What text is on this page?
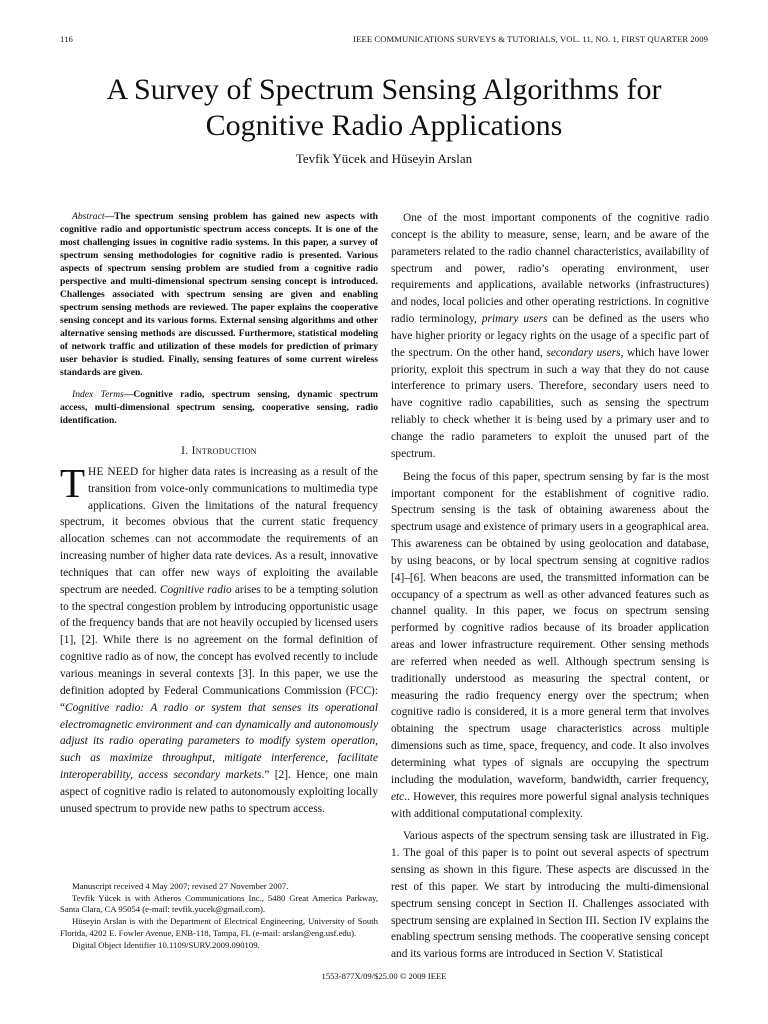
116	IEEE COMMUNICATIONS SURVEYS & TUTORIALS, VOL. 11, NO. 1, FIRST QUARTER 2009
A Survey of Spectrum Sensing Algorithms for
Cognitive Radio Applications
Tevfik Yücek and Hüseyin Arslan

Abstract—The spectrum sensing problem has gained new aspects with cognitive radio and opportunistic spectrum access concepts. It is one of the most challenging issues in cognitive radio systems. In this paper, a survey of spectrum sensing methodologies for cognitive radio is presented. Various aspects of spectrum sensing problem are studied from a cognitive radio perspective and multi-dimensional spectrum sensing concept is introduced. Challenges associated with spectrum sensing are given and enabling spectrum sensing methods are reviewed. The paper explains the cooperative sensing concept and its various forms. External sensing algorithms and other alternative sensing methods are discussed. Furthermore, statistical modeling of network traffic and utilization of these models for prediction of primary user behavior is studied. Finally, sensing features of some current wireless standards are given.

Index Terms—Cognitive radio, spectrum sensing, dynamic spectrum access, multi-dimensional spectrum sensing, cooperative sensing, radio identification.

I. Introduction

THE NEED for higher data rates is increasing as a result of the transition from voice-only communications to multimedia type applications. Given the limitations of the natural frequency spectrum, it becomes obvious that the current static frequency allocation schemes can not accommodate the requirements of an increasing number of higher data rate devices. As a result, innovative techniques that can offer new ways of exploiting the available spectrum are needed. Cognitive radio arises to be a tempting solution to the spectral congestion problem by introducing opportunistic usage of the frequency bands that are not heavily occupied by licensed users [1], [2]. While there is no agreement on the formal definition of cognitive radio as of now, the concept has evolved recently to include various meanings in several contexts [3]. In this paper, we use the definition adopted by Federal Communications Commission (FCC): “Cognitive radio: A radio or system that senses its operational electromagnetic environment and can dynamically and autonomously adjust its radio operating parameters to modify system operation, such as maximize throughput, mitigate interference, facilitate interoperability, access secondary markets.” [2]. Hence, one main aspect of cognitive radio is related to autonomously exploiting locally unused spectrum to provide new paths to spectrum access.

Manuscript received 4 May 2007; revised 27 November 2007.

Tevfik Yücek is with Atheros Communications Inc., 5480 Great America Parkway, Santa Clara, CA 95054 (e-mail: tevfik.yucek@gmail.com).

Hüseyin Arslan is with the Department of Electrical Engineering, University of South Florida, 4202 E. Fowler Avenue, ENB-118, Tampa, FL (e-mail: arslan@eng.usf.edu).

Digital Object Identifier 10.1109/SURV.2009.090109.

One of the most important components of the cognitive radio concept is the ability to measure, sense, learn, and be aware of the parameters related to the radio channel characteristics, availability of spectrum and power, radio’s operating environment, user requirements and applications, available networks (infrastructures) and nodes, local policies and other operating restrictions. In cognitive radio terminology, primary users can be defined as the users who have higher priority or legacy rights on the usage of a specific part of the spectrum. On the other hand, secondary users, which have lower priority, exploit this spectrum in such a way that they do not cause interference to primary users. Therefore, secondary users need to have cognitive radio capabilities, such as sensing the spectrum reliably to check whether it is being used by a primary user and to change the radio parameters to exploit the unused part of the spectrum.

Being the focus of this paper, spectrum sensing by far is the most important component for the establishment of cognitive radio. Spectrum sensing is the task of obtaining awareness about the spectrum usage and existence of primary users in a geographical area. This awareness can be obtained by using geolocation and database, by using beacons, or by local spectrum sensing at cognitive radios [4]–[6]. When beacons are used, the transmitted information can be occupancy of a spectrum as well as other advanced features such as channel quality. In this paper, we focus on spectrum sensing performed by cognitive radios because of its broader application areas and lower infrastructure requirement. Other sensing methods are referred when needed as well. Although spectrum sensing is traditionally understood as measuring the spectral content, or measuring the radio frequency energy over the spectrum; when cognitive radio is considered, it is a more general term that involves obtaining the spectrum usage characteristics across multiple dimensions such as time, space, frequency, and code. It also involves determining what types of signals are occupying the spectrum including the modulation, waveform, bandwidth, carrier frequency, etc.. However, this requires more powerful signal analysis techniques with additional computational complexity.

Various aspects of the spectrum sensing task are illustrated in Fig. 1. The goal of this paper is to point out several aspects of spectrum sensing as shown in this figure. These aspects are discussed in the rest of this paper. We start by introducing the multi-dimensional spectrum sensing concept in Section II. Challenges associated with spectrum sensing are explained in Section III. Section IV explains the enabling spectrum sensing methods. The cooperative sensing concept and its various forms are introduced in Section V. Statistical

1553-877X/09/$25.00 © 2009 IEEE
